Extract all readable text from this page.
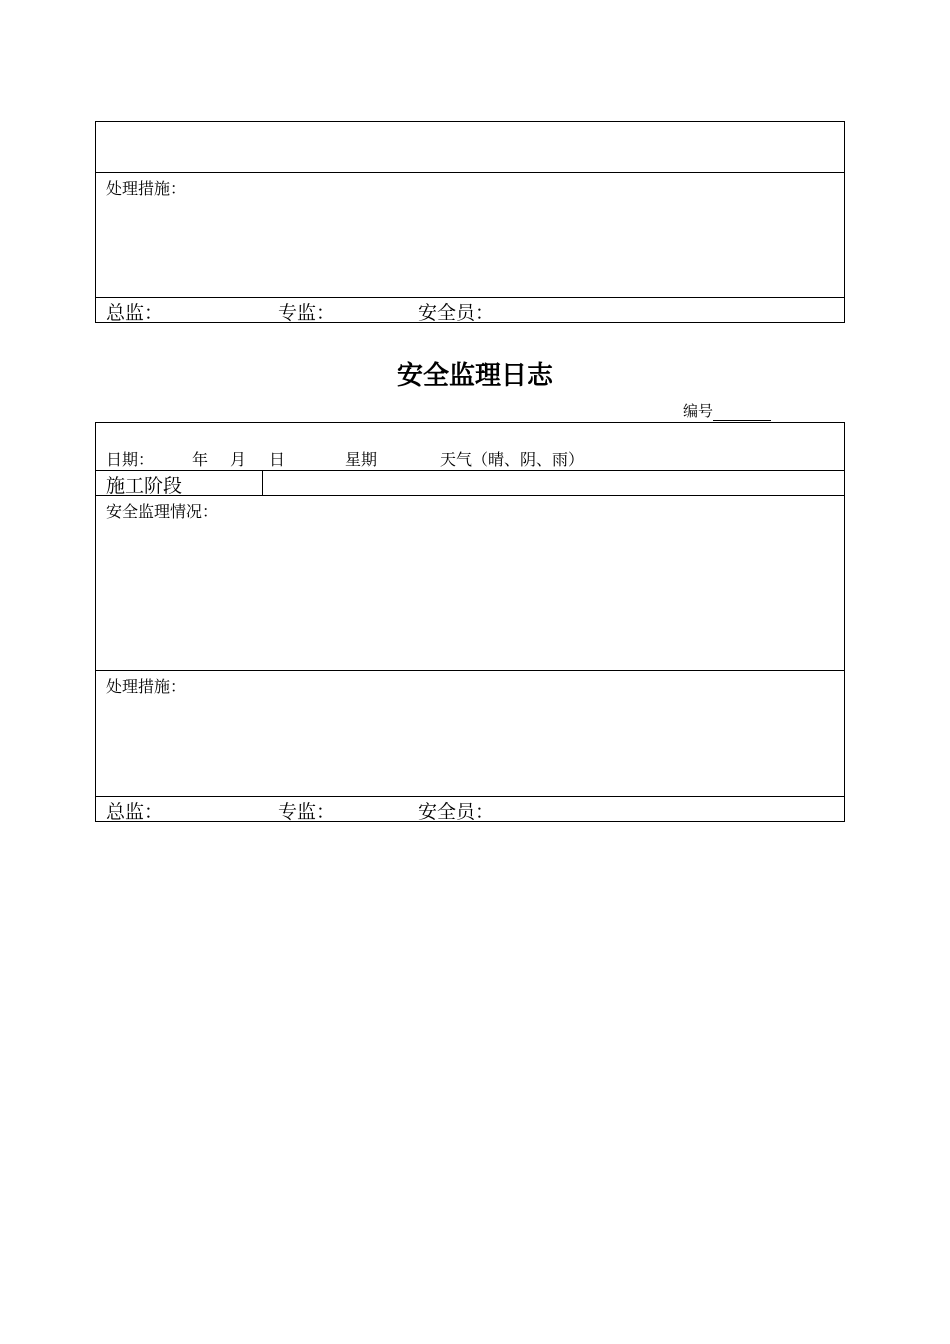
处理措施：
总监：	专监：	安全员：
安全监理日志
编号
日期： 年 月 日	星期	天气（晴、阴、雨）
施工阶段
安全监理情况：
处理措施：
总监：	专监：	安全员：
